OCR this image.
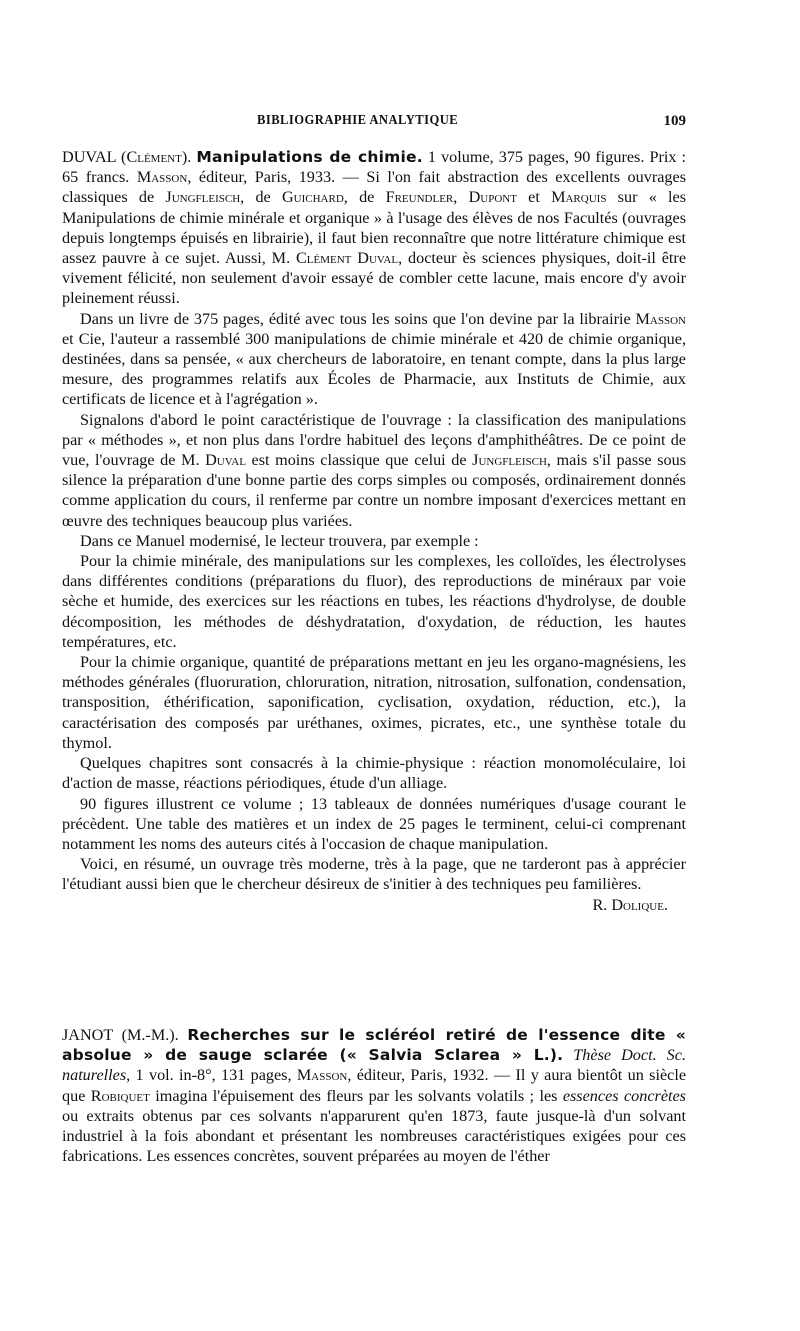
BIBLIOGRAPHIE ANALYTIQUE	109

DUVAL (Clément). Manipulations de chimie. 1 volume, 375 pages, 90 figures. Prix : 65 francs. Masson, éditeur, Paris, 1933. — Si l'on fait abstraction des excellents ouvrages classiques de Jungfleisch, de Guichard, de Freundler, Dupont et Marquis sur « les Manipulations de chimie minérale et organique » à l'usage des élèves de nos Facultés (ouvrages depuis longtemps épuisés en librairie), il faut bien reconnaître que notre littérature chimique est assez pauvre à ce sujet. Aussi, M. Clément Duval, docteur ès sciences physiques, doit-il être vivement félicité, non seulement d'avoir essayé de combler cette lacune, mais encore d'y avoir pleinement réussi.

Dans un livre de 375 pages, édité avec tous les soins que l'on devine par la librairie Masson et Cie, l'auteur a rassemblé 300 manipulations de chimie minérale et 420 de chimie organique, destinées, dans sa pensée, « aux chercheurs de laboratoire, en tenant compte, dans la plus large mesure, des programmes relatifs aux Écoles de Pharmacie, aux Instituts de Chimie, aux certificats de licence et à l'agrégation ».

Signalons d'abord le point caractéristique de l'ouvrage : la classification des manipulations par « méthodes », et non plus dans l'ordre habituel des leçons d'amphithéâtres. De ce point de vue, l'ouvrage de M. Duval est moins classique que celui de Jungfleisch, mais s'il passe sous silence la préparation d'une bonne partie des corps simples ou composés, ordinairement donnés comme application du cours, il renferme par contre un nombre imposant d'exercices mettant en œuvre des techniques beaucoup plus variées.

Dans ce Manuel modernisé, le lecteur trouvera, par exemple :

Pour la chimie minérale, des manipulations sur les complexes, les colloïdes, les électrolyses dans différentes conditions (préparations du fluor), des reproductions de minéraux par voie sèche et humide, des exercices sur les réactions en tubes, les réactions d'hydrolyse, de double décomposition, les méthodes de déshydratation, d'oxydation, de réduction, les hautes températures, etc.

Pour la chimie organique, quantité de préparations mettant en jeu les organo-magnésiens, les méthodes générales (fluoruration, chloruration, nitration, nitrosation, sulfonation, condensation, transposition, éthérification, saponification, cyclisation, oxydation, réduction, etc.), la caractérisation des composés par uréthanes, oximes, picrates, etc., une synthèse totale du thymol.

Quelques chapitres sont consacrés à la chimie-physique : réaction monomoléculaire, loi d'action de masse, réactions périodiques, étude d'un alliage.

90 figures illustrent ce volume ; 13 tableaux de données numériques d'usage courant le précèdent. Une table des matières et un index de 25 pages le terminent, celui-ci comprenant notamment les noms des auteurs cités à l'occasion de chaque manipulation.

Voici, en résumé, un ouvrage très moderne, très à la page, que ne tarderont pas à apprécier l'étudiant aussi bien que le chercheur désireux de s'initier à des techniques peu familières.
R. Dolique.

JANOT (M.-M.). Recherches sur le scléréol retiré de l'essence dite « absolue » de sauge sclarée (« Salvia Sclarea » L.). Thèse Doct. Sc. naturelles, 1 vol. in-8°, 131 pages, Masson, éditeur, Paris, 1932. — Il y aura bientôt un siècle que Robiquet imagina l'épuisement des fleurs par les solvants volatils ; les essences concrètes ou extraits obtenus par ces solvants n'apparurent qu'en 1873, faute jusque-là d'un solvant industriel à la fois abondant et présentant les nombreuses caractéristiques exigées pour ces fabrications. Les essences concrètes, souvent préparées au moyen de l'éther
